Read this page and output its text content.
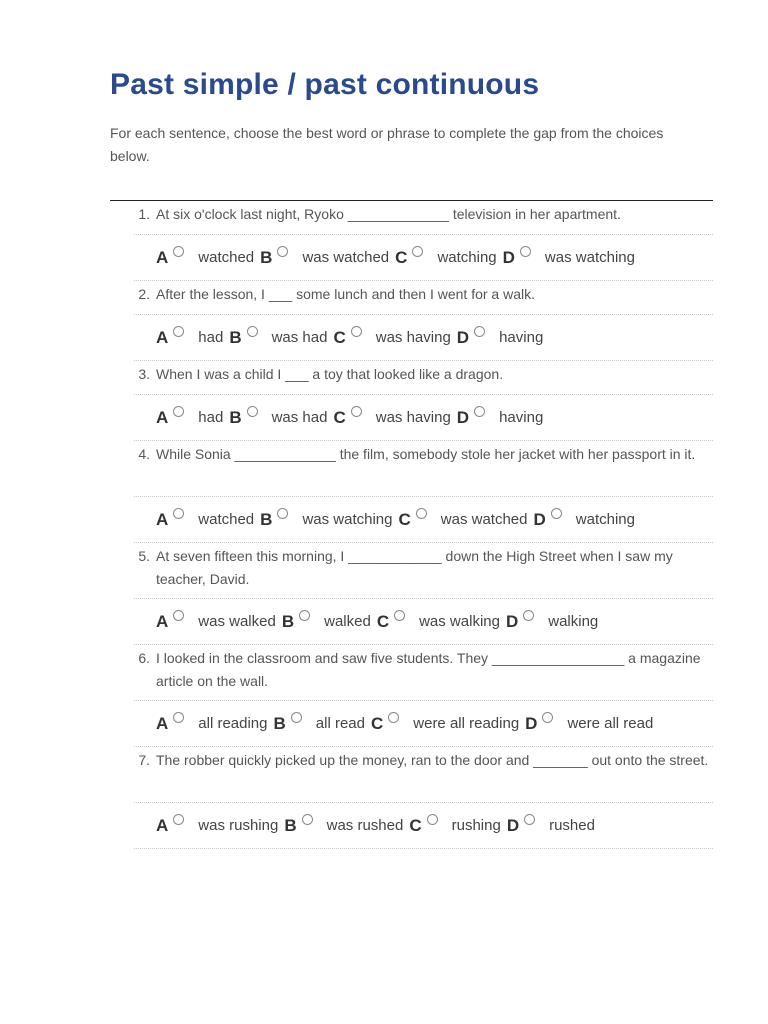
Past simple / past continuous
For each sentence, choose the best word or phrase to complete the gap from the choices below.
1. At six o'clock last night, Ryoko _____________ television in her apartment.
A watched B was watched C watching D was watching
2. After the lesson, I ___ some lunch and then I went for a walk.
A had B was had C was having D having
3. When I was a child I ___ a toy that looked like a dragon.
A had B was had C was having D having
4. While Sonia _____________ the film, somebody stole her jacket with her passport in it.
A watched B was watching C was watched D watching
5. At seven fifteen this morning, I ____________ down the High Street when I saw my teacher, David.
A was walked B walked C was walking D walking
6. I looked in the classroom and saw five students. They _________________ a magazine article on the wall.
A all reading B all read C were all reading D were all read
7. The robber quickly picked up the money, ran to the door and _______ out onto the street.
A was rushing B was rushed C rushing D rushed
